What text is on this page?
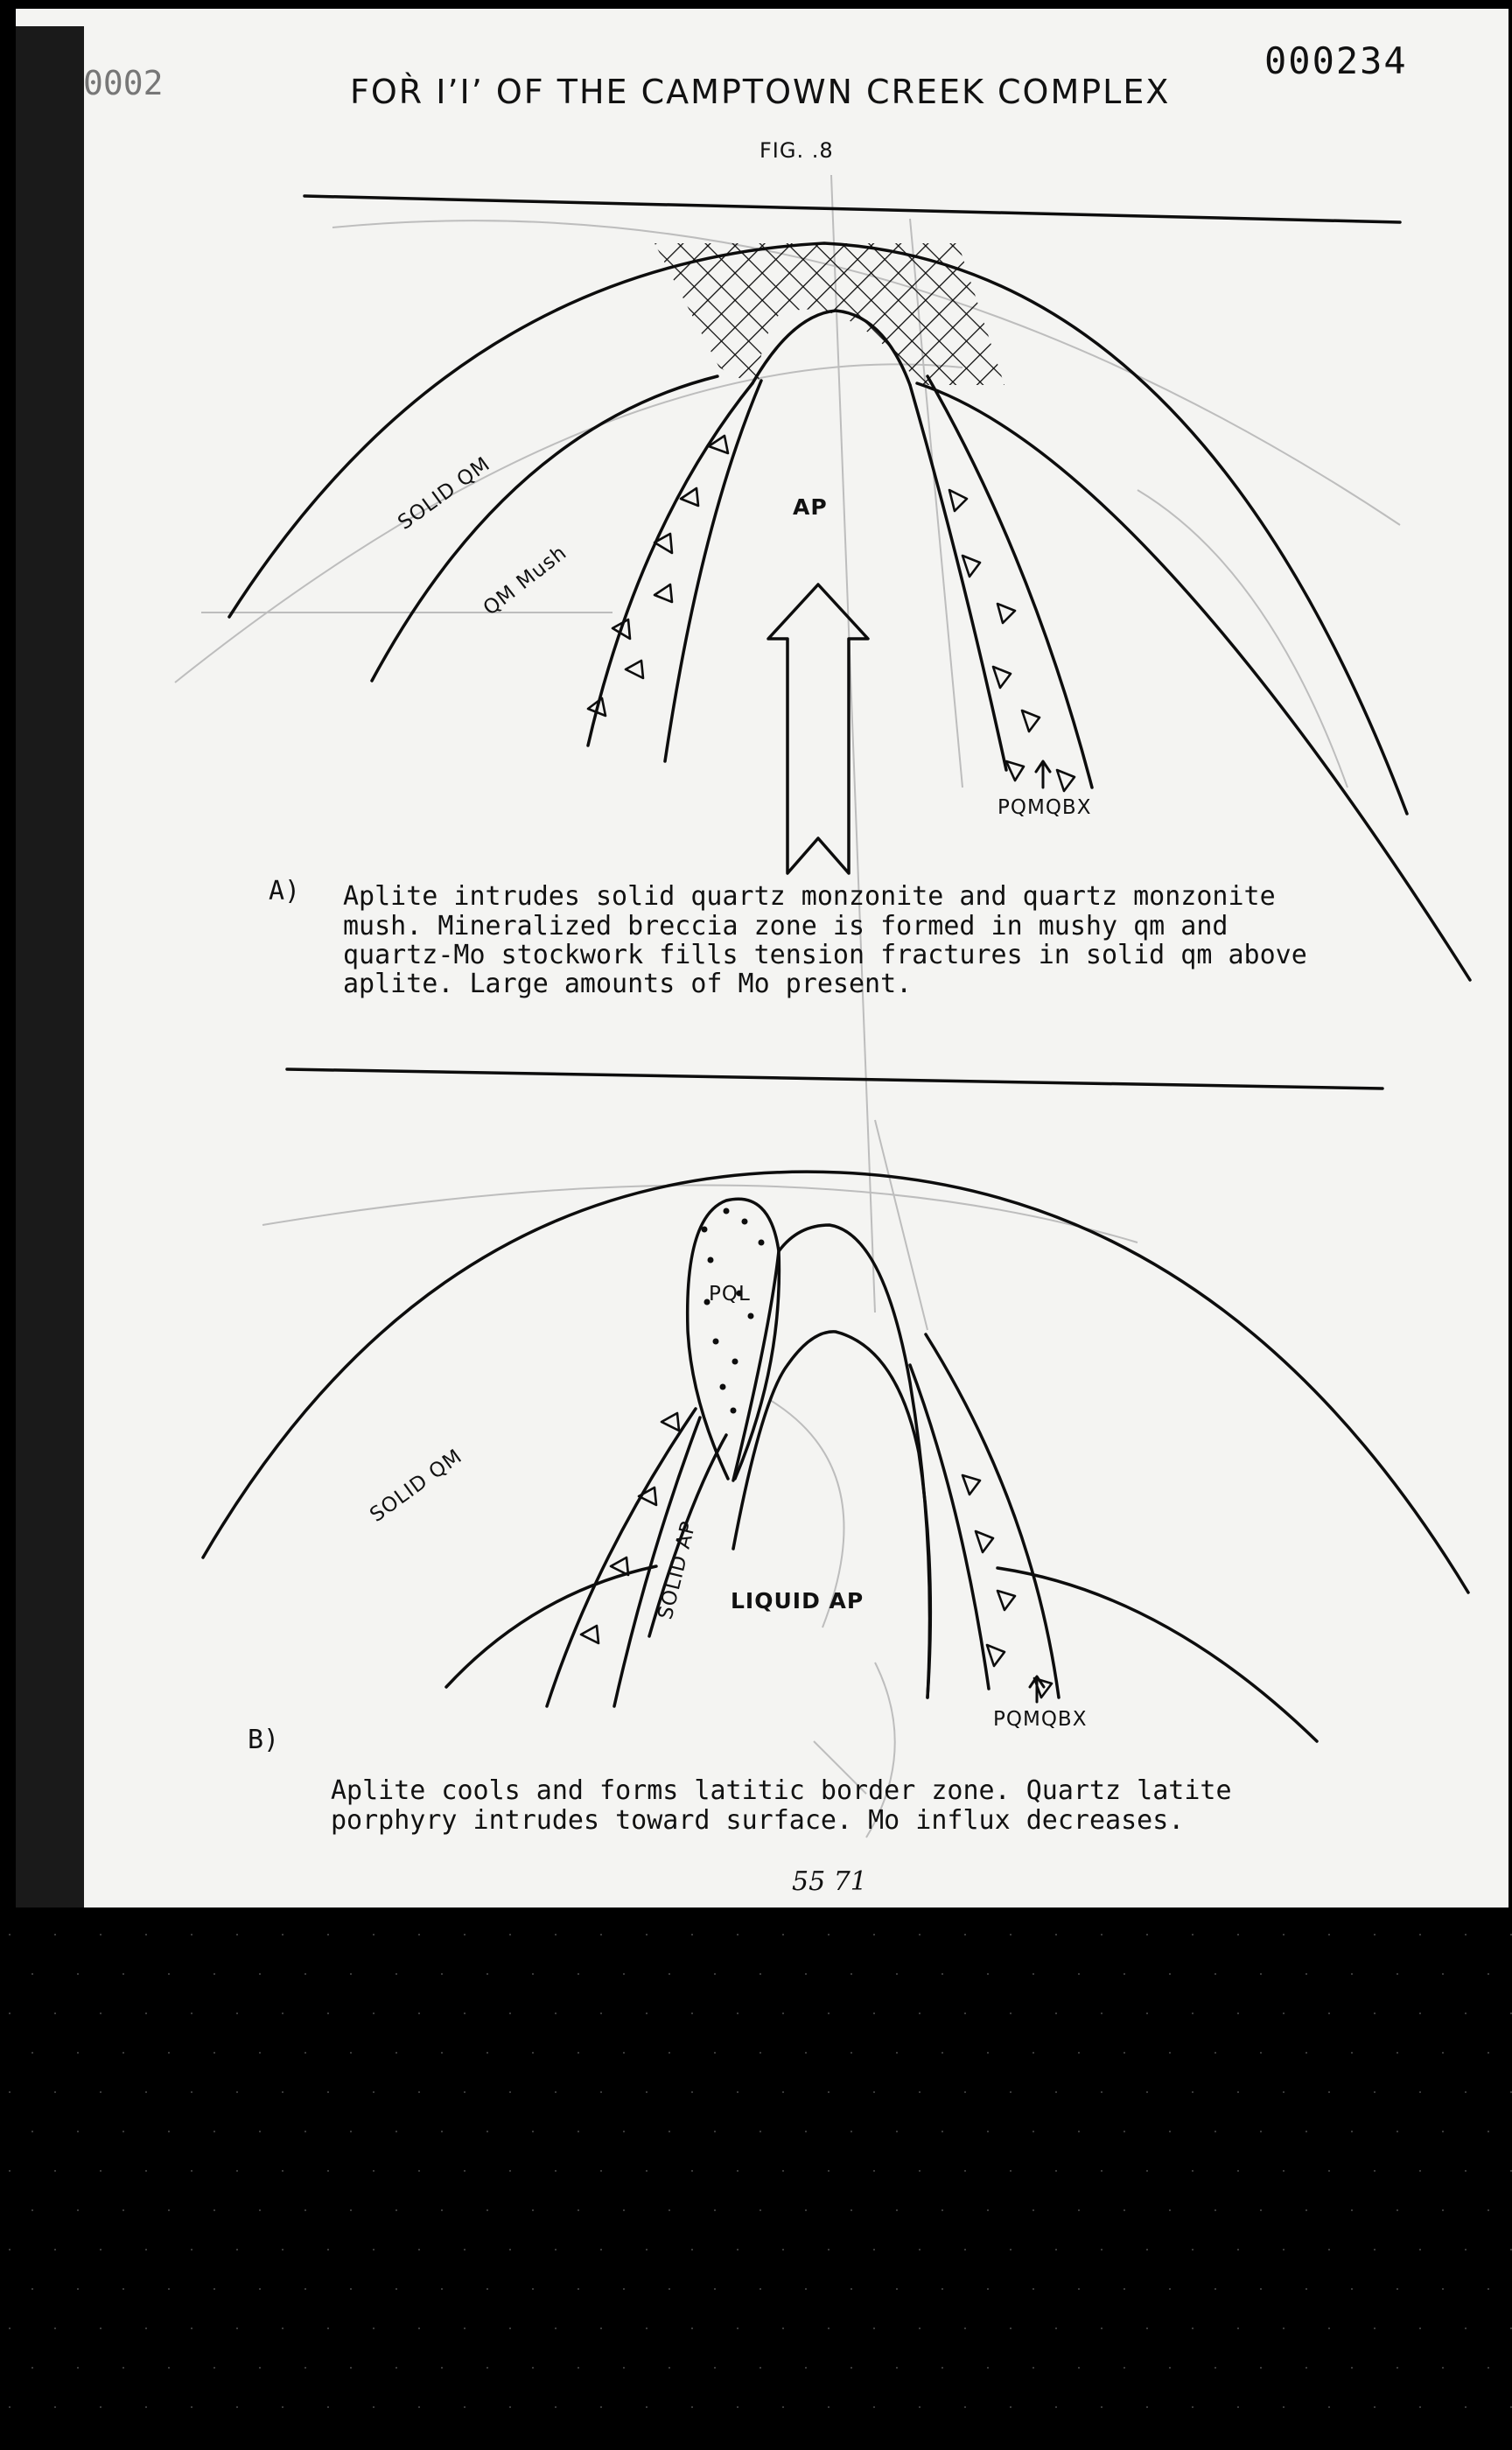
000234
0002	FOR̀ I’I’ OF THE CAMPTOWN CREEK COMPLEX
FIG. .8
SOLID QM
QM Mush
AP
PQMQBX
A) Aplite intrudes solid quartz monzonite and quartz monzonite
mush. Mineralized breccia zone is formed in mushy qm and
quartz-Mo stockwork fills tension fractures in solid qm above
aplite. Large amounts of Mo present.
PQL
SOLID QM
SOLID AP LIQUID AP
PQMQBX
B)
Aplite cools and forms latitic border zone. Quartz latite
porphyry intrudes toward surface. Mo influx decreases.
55 71
